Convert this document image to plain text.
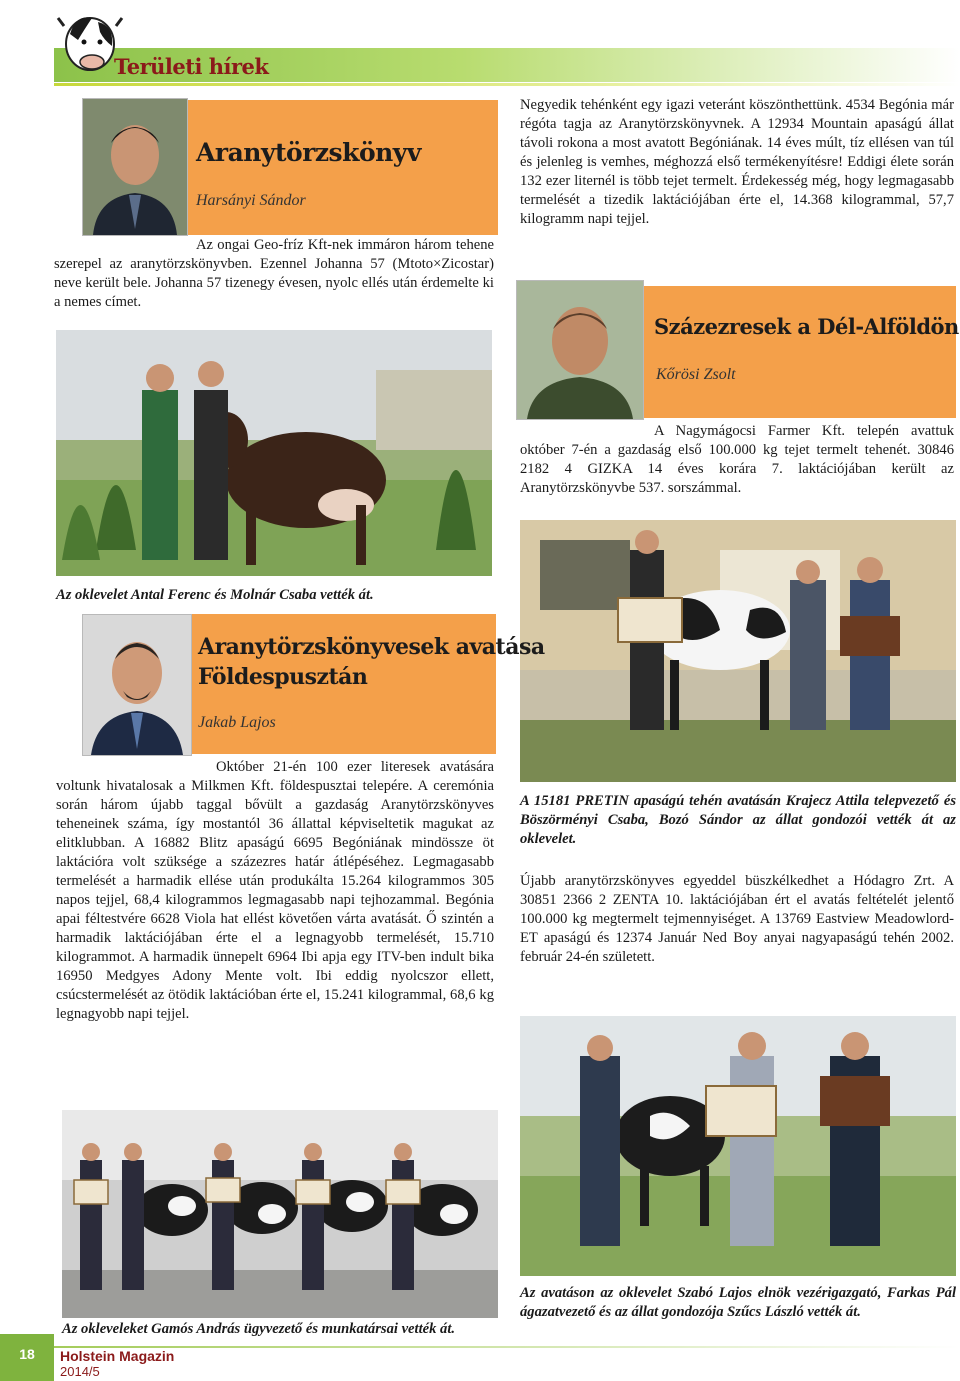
Területi hírek
Aranytörzskönyv
Harsányi Sándor

Az ongai Geo-fríz Kft-nek immáron három tehene szerepel az aranytörzskönyvben. Ezennel Johanna 57 (Mtoto×Zicostar) neve került bele. Johanna 57 tizenegy évesen, nyolc ellés után érdemelte ki a nemes címet.

Az oklevelet Antal Ferenc és Molnár Csaba vették át.

Negyedik tehénként egy igazi veteránt köszönthettünk. 4534 Begónia már régóta tagja az Aranytörzskönyvnek. A 12934 Mountain apaságú állat távoli rokona a most avatott Begóniának. 14 éves múlt, tíz ellésen van túl és jelenleg is vemhes, méghozzá első termékenyítésre! Eddigi élete során 132 ezer liternél is több tejet termelt. Érdekesség még, hogy legmagasabb termelését a tizedik laktációjában érte el, 14.368 kilogrammal, 57,7 kilogramm napi tejjel.

Százezresek a Dél-Alföldön
Kőrösi Zsolt

A Nagymágocsi Farmer Kft. telepén avattuk október 7-én a gazdaság első 100.000 kg tejet termelt tehenét. 30846 2182 4 GIZKA 14 éves korára 7. laktációjában került az Aranytörzskönyvbe 537. sorszámmal.

A 15181 PRETIN apaságú tehén avatásán Krajecz Attila telepvezető és Böszörményi Csaba, Bozó Sándor az állat gondozói vették át az oklevelet.

Újabb aranytörzskönyves egyeddel büszkélkedhet a Hódagro Zrt. A 30851 2366 2 ZENTA 10. laktációjában ért el avatás feltételét jelentő 100.000 kg megtermelt tejmennyiséget. A 13769 Eastview Meadowlord-ET apaságú és 12374 Január Ned Boy anyai nagyapaságú tehén 2002. február 24-én született.

Az avatáson az oklevelet Szabó Lajos elnök vezérigazgató, Farkas Pál ágazatvezető és az állat gondozója Szűcs László vették át.
Aranytörzskönyvesek avatása
Földespusztán
Jakab Lajos

Október 21-én 100 ezer literesek avatására voltunk hivatalosak a Milkmen Kft. földespusztai telepére. A ceremónia során három újabb taggal bővült a gazdaság Aranytörzskönyves teheneinek száma, így mostantól 36 állattal képviseltetik magukat az elitklubban. A 16882 Blitz apaságú 6695 Begóniának mindössze öt laktációra volt szüksége a százezres határ átlépéséhez. Legmagasabb termelését a harmadik ellése után produkálta 15.264 kilogrammos 305 napos tejjel, 68,4 kilogrammos legmagasabb napi tejhozammal. Begónia apai féltestvére 6628 Viola hat ellést követően várta avatását. Ő szintén a harmadik laktációjában érte el a legnagyobb termelését, 15.710 kilogrammot. A harmadik ünnepelt 6964 Ibi apja egy ITV-ben indult bika 16950 Medgyes Adony Mente volt. Ibi eddig nyolcszor ellett, csúcstermelését az ötödik laktációban érte el, 15.241 kilogrammal, 68,6 kg legnagyobb napi tejjel.

Az okleveleket Gamós András ügyvezető és munkatársai vették át.
18	Holstein Magazin
2014/5
